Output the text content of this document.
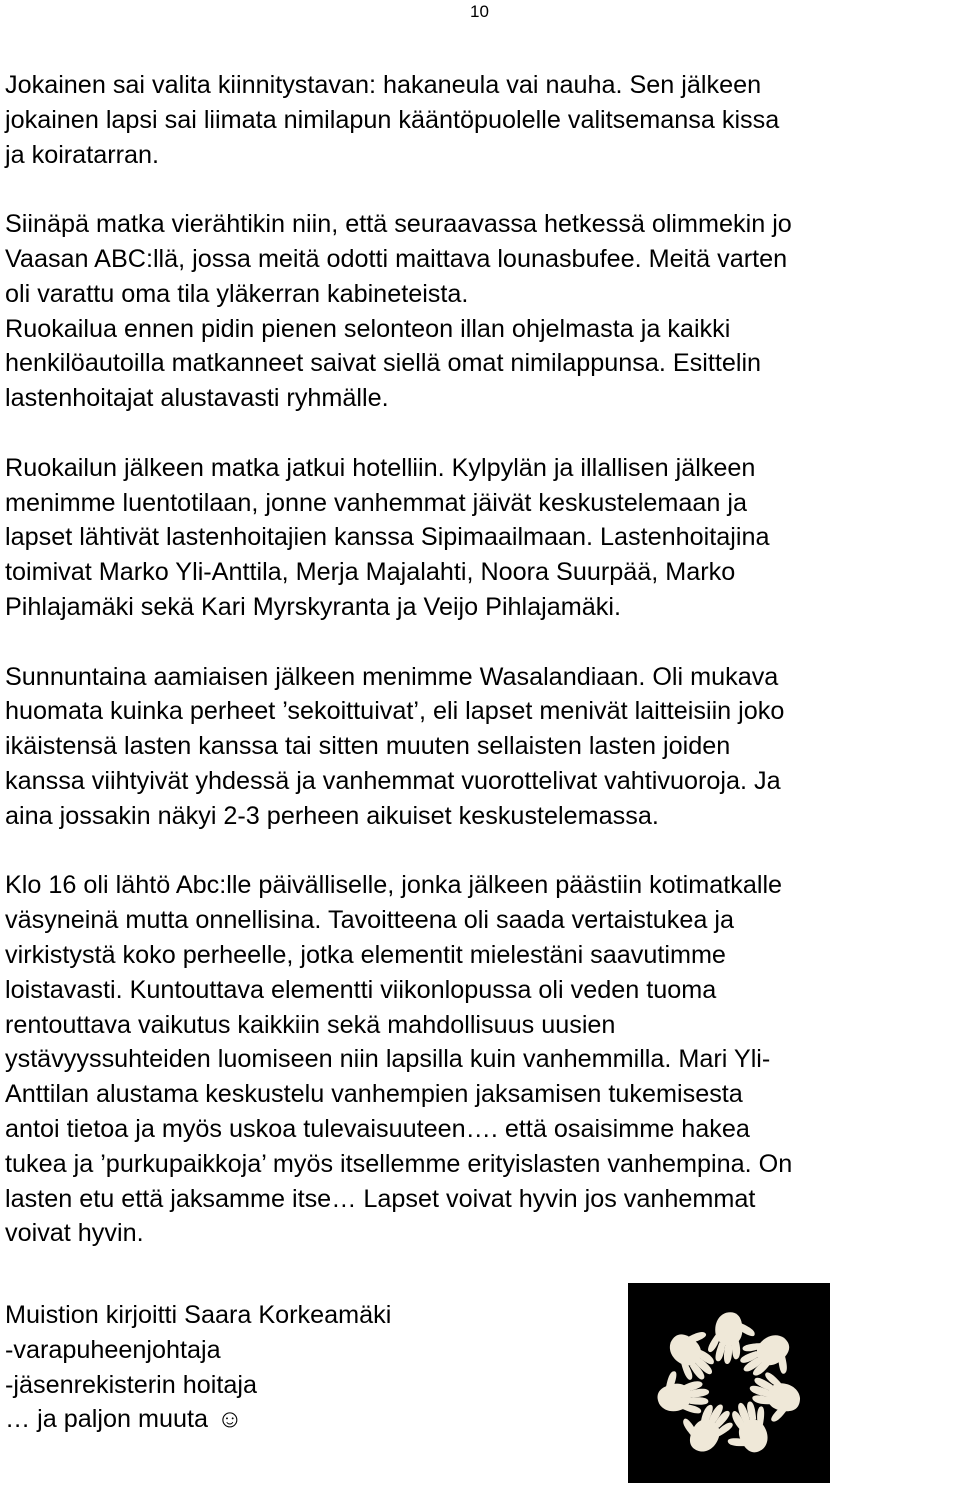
10

Jokainen sai valita kiinnitystavan: hakaneula vai nauha. Sen jälkeen
jokainen lapsi sai liimata nimilapun kääntöpuolelle valitsemansa kissa
ja koiratarran.

Siinäpä matka vierähtikin niin, että seuraavassa hetkessä olimmekin jo
Vaasan ABC:llä, jossa meitä odotti maittava lounasbufee. Meitä varten
oli varattu oma tila yläkerran kabineteista.
Ruokailua ennen pidin pienen selonteon illan ohjelmasta ja kaikki
henkilöautoilla matkanneet saivat siellä omat nimilappunsa. Esittelin
lastenhoitajat alustavasti ryhmälle.

Ruokailun jälkeen matka jatkui hotelliin. Kylpylän ja illallisen jälkeen
menimme luentotilaan, jonne vanhemmat jäivät keskustelemaan ja
lapset lähtivät lastenhoitajien kanssa Sipimaailmaan. Lastenhoitajina
toimivat Marko Yli-Anttila, Merja Majalahti, Noora Suurpää, Marko
Pihlajamäki sekä Kari Myrskyranta ja Veijo Pihlajamäki.

Sunnuntaina aamiaisen jälkeen menimme Wasalandiaan. Oli mukava
huomata kuinka perheet ’sekoittuivat’, eli lapset menivät laitteisiin joko
ikäistensä lasten kanssa tai sitten muuten sellaisten lasten joiden
kanssa viihtyivät yhdessä ja vanhemmat vuorottelivat vahtivuoroja. Ja
aina jossakin näkyi 2-3 perheen aikuiset keskustelemassa.

Klo 16 oli lähtö Abc:lle päivälliselle, jonka jälkeen päästiin kotimatkalle
väsyneinä mutta onnellisina. Tavoitteena oli saada vertaistukea ja
virkistystä koko perheelle, jotka elementit mielestäni saavutimme
loistavasti. Kuntouttava elementti viikonlopussa oli veden tuoma
rentouttava vaikutus kaikkiin sekä mahdollisuus uusien
ystävyyssuhteiden luomiseen niin lapsilla kuin vanhemmilla. Mari Yli-
Anttilan alustama keskustelu vanhempien jaksamisen tukemisesta
antoi tietoa ja myös uskoa tulevaisuuteen…. että osaisimme hakea
tukea ja ’purkupaikkoja’ myös itsellemme erityislasten vanhempina. On
lasten etu että jaksamme itse… Lapset voivat hyvin jos vanhemmat
voivat hyvin.

Muistion kirjoitti Saara Korkeamäki
-varapuheenjohtaja
-jäsenrekisterin hoitaja
… ja paljon muuta ☺
